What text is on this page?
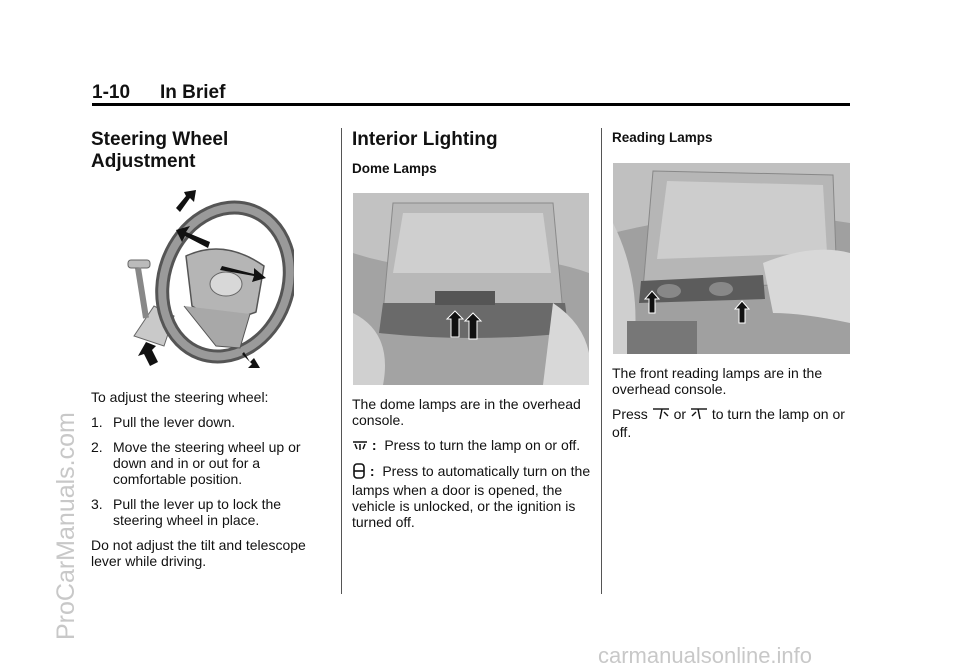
1-10 In Brief
Steering Wheel
Adjustment

To adjust the steering wheel:

1. Pull the lever down.
2. Move the steering wheel up or down and in or out for a comfortable position.
3. Pull the lever up to lock the steering wheel in place.

Do not adjust the tilt and telescope lever while driving.

Interior Lighting

Dome Lamps

The dome lamps are in the overhead console.

: Press to turn the lamp on or off.

: Press to automatically turn on the lamps when a door is opened, the vehicle is unlocked, or the ignition is turned off.

Reading Lamps

The front reading lamps are in the overhead console.

Press or to turn the lamp on or off.

ProCarManuals.com
carmanualsonline.info
